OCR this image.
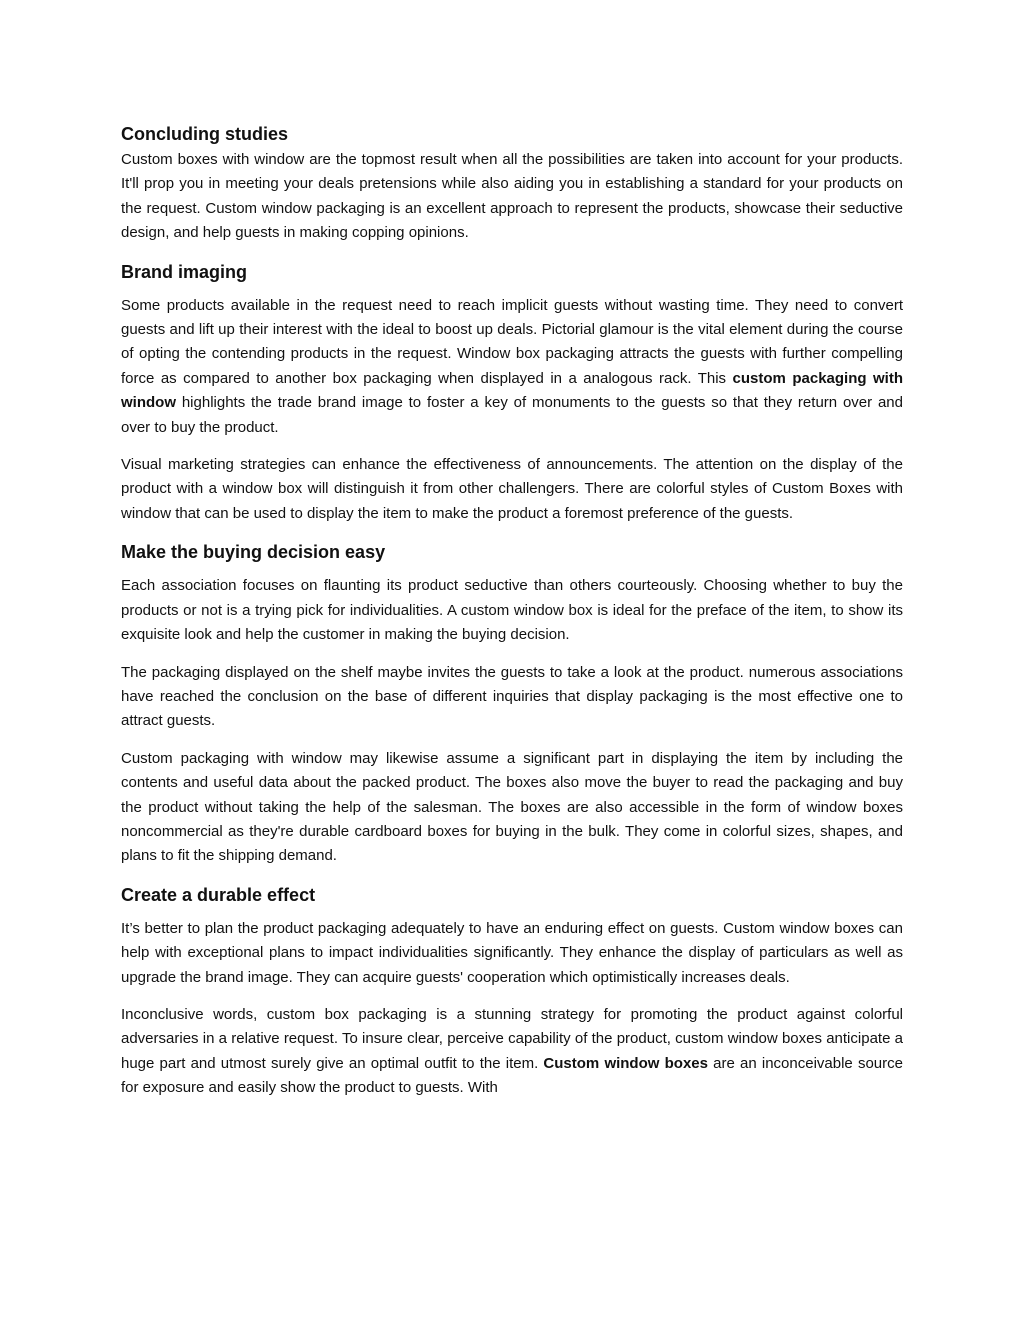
Concluding studies

Custom boxes with window are the topmost result when all the possibilities are taken into account for your products. It'll prop you in meeting your deals pretensions while also aiding you in establishing a standard for your products on the request. Custom window packaging is an excellent approach to represent the products, showcase their seductive design, and help guests in making copping opinions.

Brand imaging

Some products available in the request need to reach implicit guests without wasting time. They need to convert guests and lift up their interest with the ideal to boost up deals. Pictorial glamour is the vital element during the course of opting the contending products in the request. Window box packaging attracts the guests with further compelling force as compared to another box packaging when displayed in a analogous rack. This custom packaging with window highlights the trade brand image to foster a key of monuments to the guests so that they return over and over to buy the product.

Visual marketing strategies can enhance the effectiveness of announcements. The attention on the display of the product with a window box will distinguish it from other challengers. There are colorful styles of Custom Boxes with window that can be used to display the item to make the product a foremost preference of the guests.

Make the buying decision easy

Each association focuses on flaunting its product seductive than others courteously. Choosing whether to buy the products or not is a trying pick for individualities. A custom window box is ideal for the preface of the item, to show its exquisite look and help the customer in making the buying decision.

The packaging displayed on the shelf maybe invites the guests to take a look at the product. numerous associations have reached the conclusion on the base of different inquiries that display packaging is the most effective one to attract guests.

Custom packaging with window may likewise assume a significant part in displaying the item by including the contents and useful data about the packed product. The boxes also move the buyer to read the packaging and buy the product without taking the help of the salesman. The boxes are also accessible in the form of window boxes noncommercial as they're durable cardboard boxes for buying in the bulk. They come in colorful sizes, shapes, and plans to fit the shipping demand.

Create a durable effect

It’s better to plan the product packaging adequately to have an enduring effect on guests. Custom window boxes can help with exceptional plans to impact individualities significantly. They enhance the display of particulars as well as upgrade the brand image. They can acquire guests' cooperation which optimistically increases deals.

Inconclusive words, custom box packaging is a stunning strategy for promoting the product against colorful adversaries in a relative request. To insure clear, perceive capability of the product, custom window boxes anticipate a huge part and utmost surely give an optimal outfit to the item. Custom window boxes are an inconceivable source for exposure and easily show the product to guests. With
